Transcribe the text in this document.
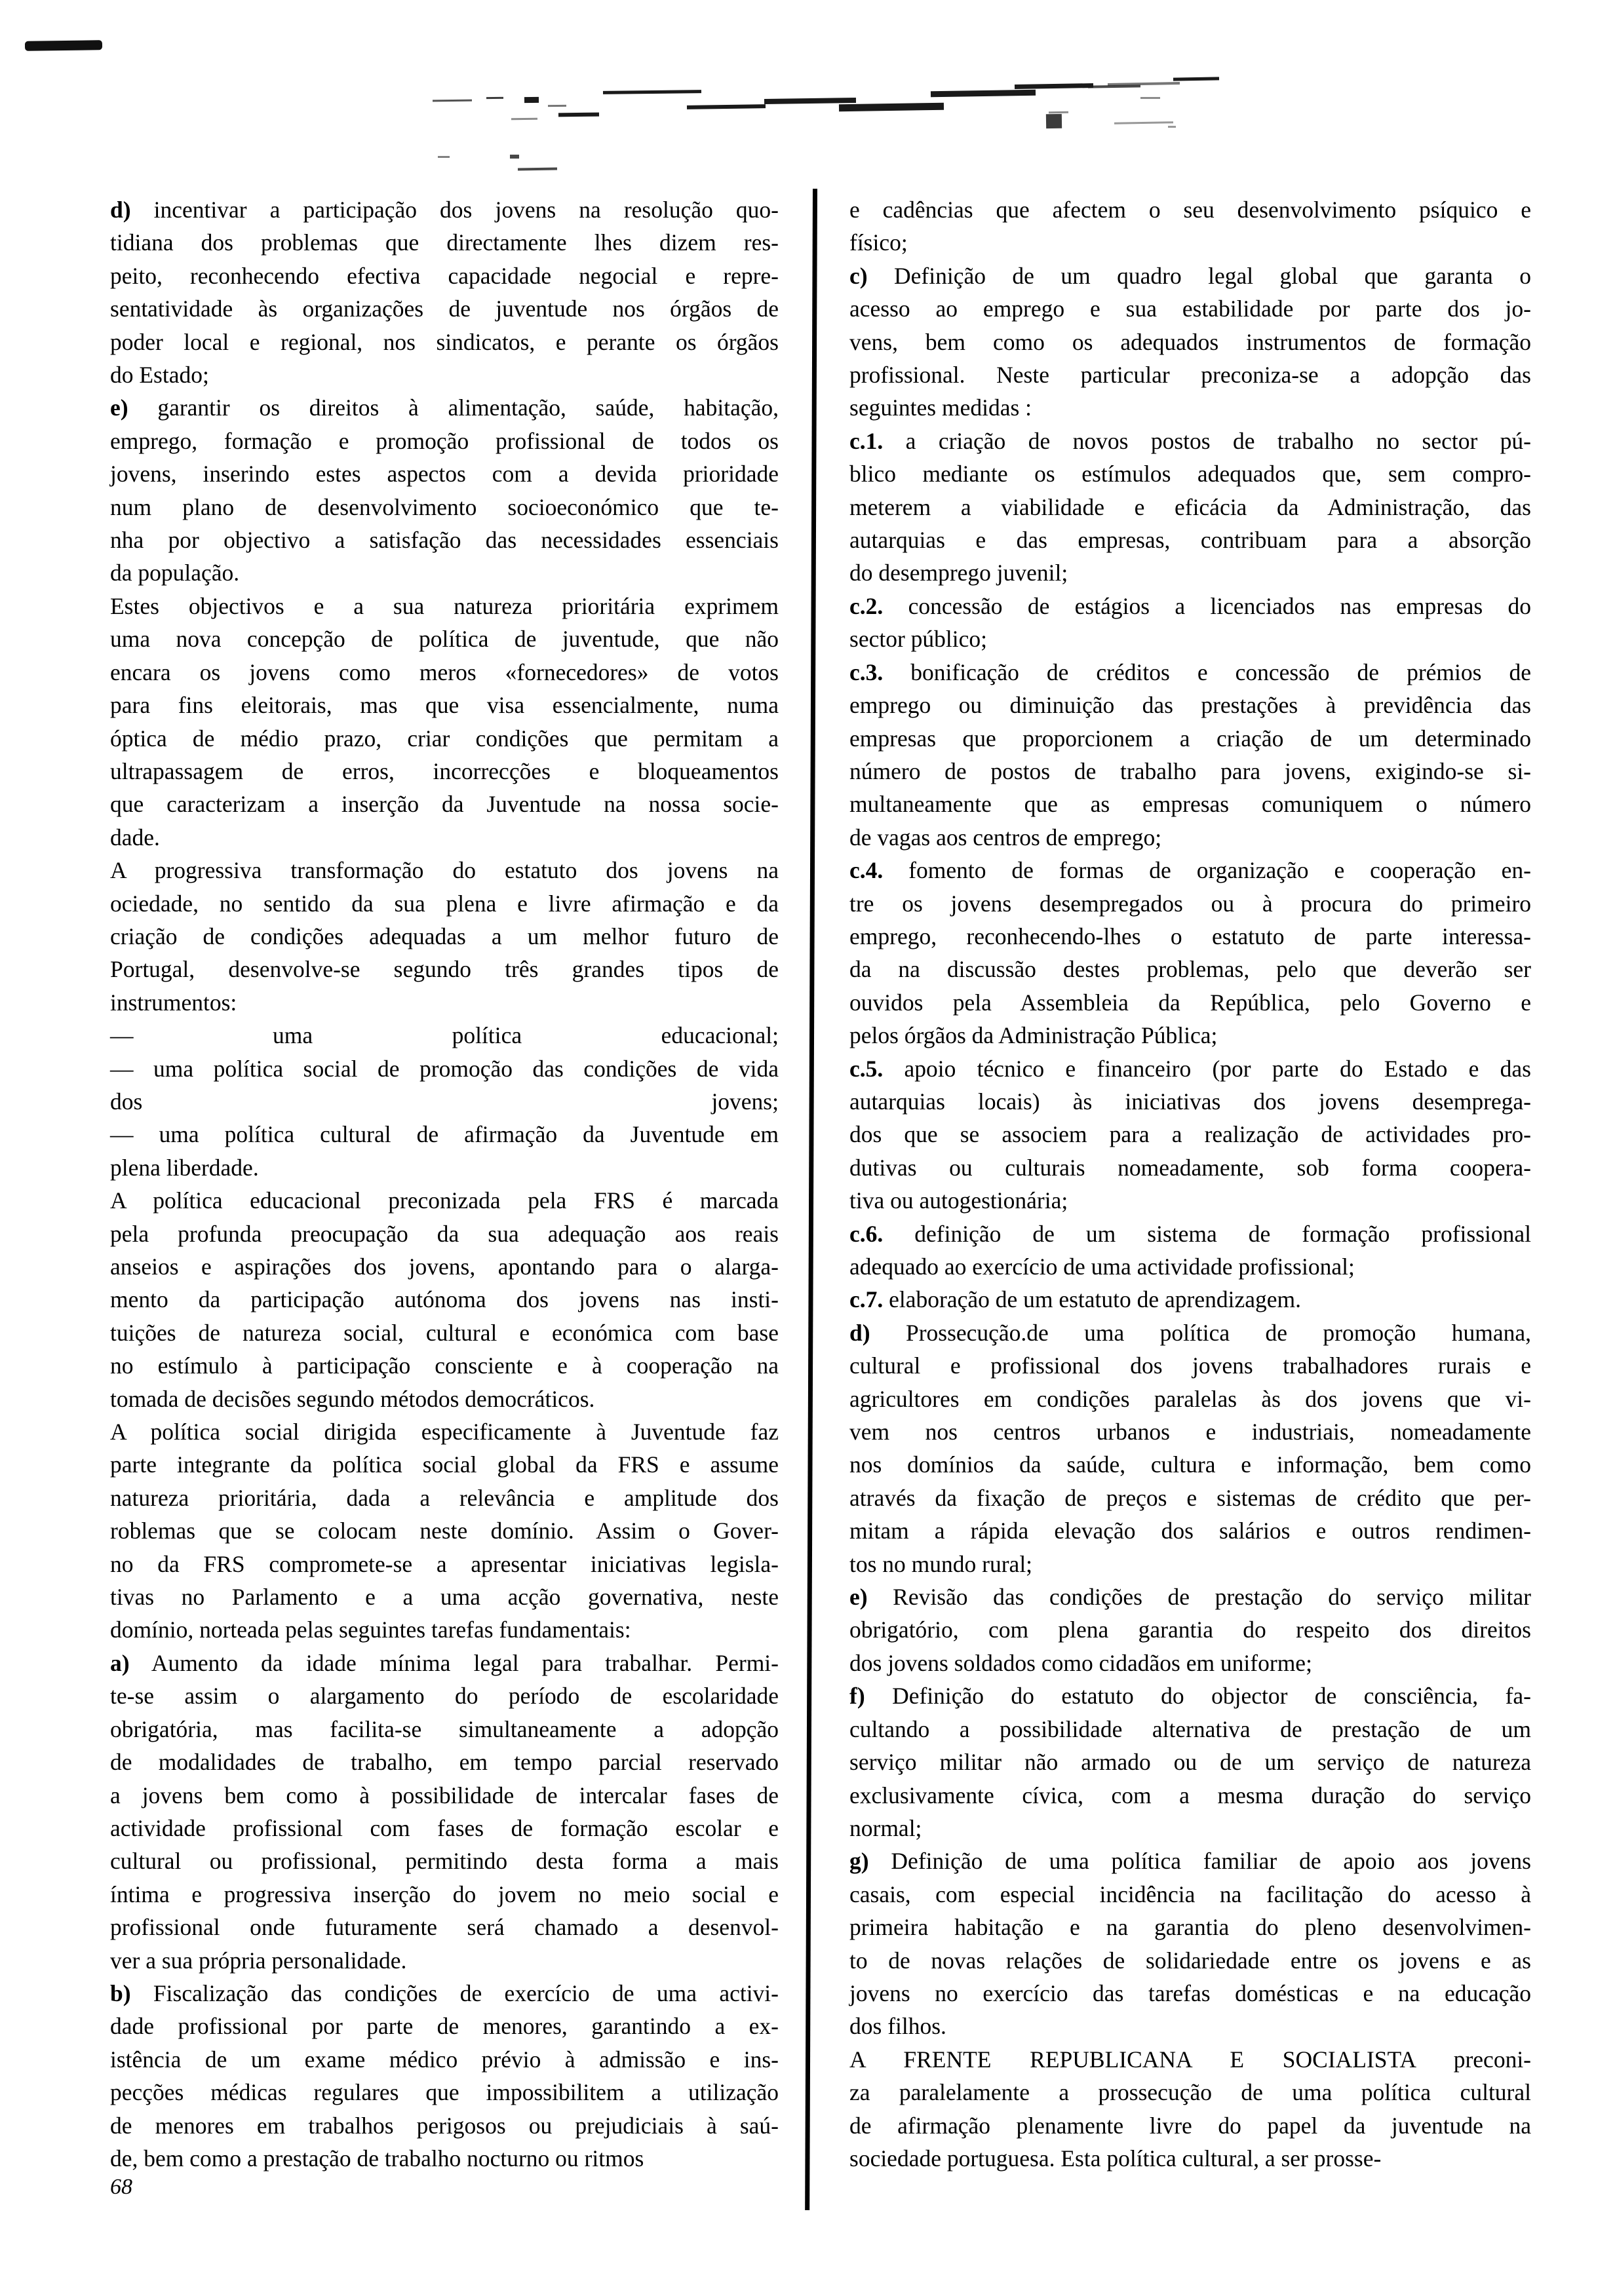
d) incentivar a participação dos jovens na resolução quo-
tidiana dos problemas que directamente lhes dizem res-
peito, reconhecendo efectiva capacidade negocial e repre-
sentatividade às organizações de juventude nos órgãos de
poder local e regional, nos sindicatos, e perante os órgãos
do Estado;

e) garantir os direitos à alimentação, saúde, habitação,
emprego, formação e promoção profissional de todos os
jovens, inserindo estes aspectos com a devida prioridade
num plano de desenvolvimento socioeconómico que te-
nha por objectivo a satisfação das necessidades essenciais
da população.

Estes objectivos e a sua natureza prioritária exprimem
uma nova concepção de política de juventude, que não
encara os jovens como meros «fornecedores» de votos
para fins eleitorais, mas que visa essencialmente, numa
óptica de médio prazo, criar condições que permitam a
ultrapassagem de erros, incorrecções e bloqueamentos
que caracterizam a inserção da Juventude na nossa socie-
dade.

A progressiva transformação do estatuto dos jovens na
ociedade, no sentido da sua plena e livre afirmação e da
criação de condições adequadas a um melhor futuro de
Portugal, desenvolve-se segundo três grandes tipos de
instrumentos:

— uma política educacional;
— uma política social de promoção das condições de vida
dos jovens;
— uma política cultural de afirmação da Juventude em
plena liberdade.

A política educacional preconizada pela FRS é marcada
pela profunda preocupação da sua adequação aos reais
anseios e aspirações dos jovens, apontando para o alarga-
mento da participação autónoma dos jovens nas insti-
tuições de natureza social, cultural e económica com base
no estímulo à participação consciente e à cooperação na
tomada de decisões segundo métodos democráticos.

A política social dirigida especificamente à Juventude faz
parte integrante da política social global da FRS e assume
natureza prioritária, dada a relevância e amplitude dos
roblemas que se colocam neste domínio. Assim o Gover-
no da FRS compromete-se a apresentar iniciativas legisla-
tivas no Parlamento e a uma acção governativa, neste
domínio, norteada pelas seguintes tarefas fundamentais:

a) Aumento da idade mínima legal para trabalhar. Permi-
te-se assim o alargamento do período de escolaridade
obrigatória, mas facilita-se simultaneamente a adopção
de modalidades de trabalho, em tempo parcial reservado
a jovens bem como à possibilidade de intercalar fases de
actividade profissional com fases de formação escolar e
cultural ou profissional, permitindo desta forma a mais
íntima e progressiva inserção do jovem no meio social e
profissional onde futuramente será chamado a desenvol-
ver a sua própria personalidade.

b) Fiscalização das condições de exercício de uma activi-
dade profissional por parte de menores, garantindo a ex-
istência de um exame médico prévio à admissão e ins-
pecções médicas regulares que impossibilitem a utilização
de menores em trabalhos perigosos ou prejudiciais à saú-
de, bem como a prestação de trabalho nocturno ou ritmos

e cadências que afectem o seu desenvolvimento psíquico e
físico;

c) Definição de um quadro legal global que garanta o
acesso ao emprego e sua estabilidade por parte dos jo-
vens, bem como os adequados instrumentos de formação
profissional. Neste particular preconiza-se a adopção das
seguintes medidas :

c.1. a criação de novos postos de trabalho no sector pú-
blico mediante os estímulos adequados que, sem compro-
meterem a viabilidade e eficácia da Administração, das
autarquias e das empresas, contribuam para a absorção
do desemprego juvenil;

c.2. concessão de estágios a licenciados nas empresas do
sector público;

c.3. bonificação de créditos e concessão de prémios de
emprego ou diminuição das prestações à previdência das
empresas que proporcionem a criação de um determinado
número de postos de trabalho para jovens, exigindo-se si-
multaneamente que as empresas comuniquem o número
de vagas aos centros de emprego;

c.4. fomento de formas de organização e cooperação en-
tre os jovens desempregados ou à procura do primeiro
emprego, reconhecendo-lhes o estatuto de parte interessa-
da na discussão destes problemas, pelo que deverão ser
ouvidos pela Assembleia da República, pelo Governo e
pelos órgãos da Administração Pública;

c.5. apoio técnico e financeiro (por parte do Estado e das
autarquias locais) às iniciativas dos jovens desemprega-
dos que se associem para a realização de actividades pro-
dutivas ou culturais nomeadamente, sob forma coopera-
tiva ou autogestionária;

c.6. definição de um sistema de formação profissional
adequado ao exercício de uma actividade profissional;

c.7. elaboração de um estatuto de aprendizagem.

d) Prossecução.de uma política de promoção humana,
cultural e profissional dos jovens trabalhadores rurais e
agricultores em condições paralelas às dos jovens que vi-
vem nos centros urbanos e industriais, nomeadamente
nos domínios da saúde, cultura e informação, bem como
através da fixação de preços e sistemas de crédito que per-
mitam a rápida elevação dos salários e outros rendimen-
tos no mundo rural;

e) Revisão das condições de prestação do serviço militar
obrigatório, com plena garantia do respeito dos direitos
dos jovens soldados como cidadãos em uniforme;

f) Definição do estatuto do objector de consciência, fa-
cultando a possibilidade alternativa de prestação de um
serviço militar não armado ou de um serviço de natureza
exclusivamente cívica, com a mesma duração do serviço
normal;

g) Definição de uma política familiar de apoio aos jovens
casais, com especial incidência na facilitação do acesso à
primeira habitação e na garantia do pleno desenvolvimen-
to de novas relações de solidariedade entre os jovens e as
jovens no exercício das tarefas domésticas e na educação
dos filhos.

A FRENTE REPUBLICANA E SOCIALISTA preconi-
za paralelamente a prossecução de uma política cultural
de afirmação plenamente livre do papel da juventude na
sociedade portuguesa. Esta política cultural, a ser prosse-

68
